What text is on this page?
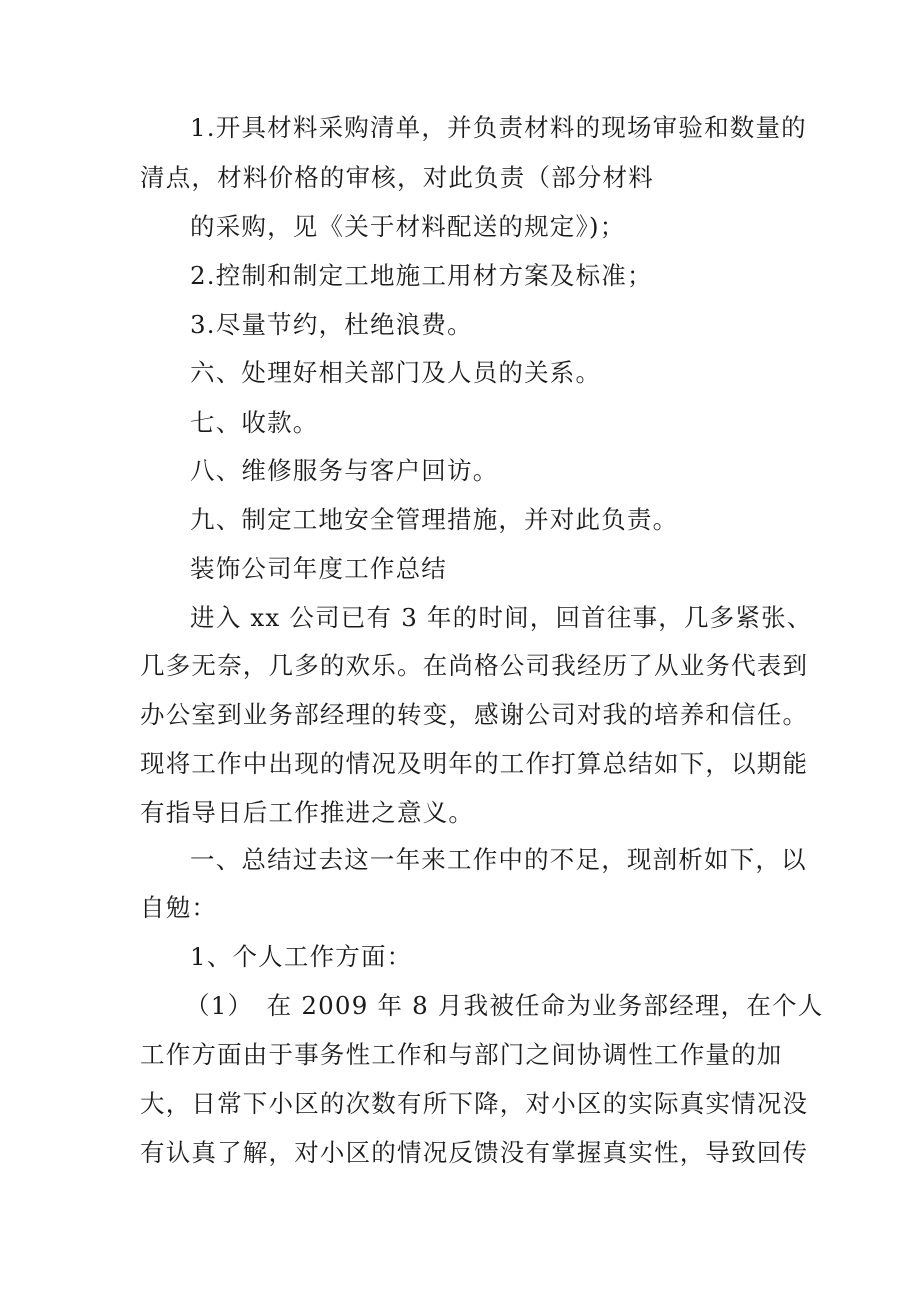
1.开具材料采购清单，并负责材料的现场审验和数量的
清点，材料价格的审核，对此负责（部分材料
的采购，见《关于材料配送的规定》)；
2.控制和制定工地施工用材方案及标准；
3.尽量节约，杜绝浪费。
六、处理好相关部门及人员的关系。
七、收款。
八、维修服务与客户回访。
九、制定工地安全管理措施，并对此负责。
装饰公司年度工作总结
进入 xx 公司已有 3 年的时间，回首往事，几多紧张、
几多无奈，几多的欢乐。在尚格公司我经历了从业务代表到
办公室到业务部经理的转变，感谢公司对我的培养和信任。
现将工作中出现的情况及明年的工作打算总结如下，以期能
有指导日后工作推进之意义。
一、总结过去这一年来工作中的不足，现剖析如下，以
自勉：
1、个人工作方面：
（1）　在 2009 年 8 月我被任命为业务部经理，在个人
工作方面由于事务性工作和与部门之间协调性工作量的加
大，日常下小区的次数有所下降，对小区的实际真实情况没
有认真了解，对小区的情况反馈没有掌握真实性，导致回传
